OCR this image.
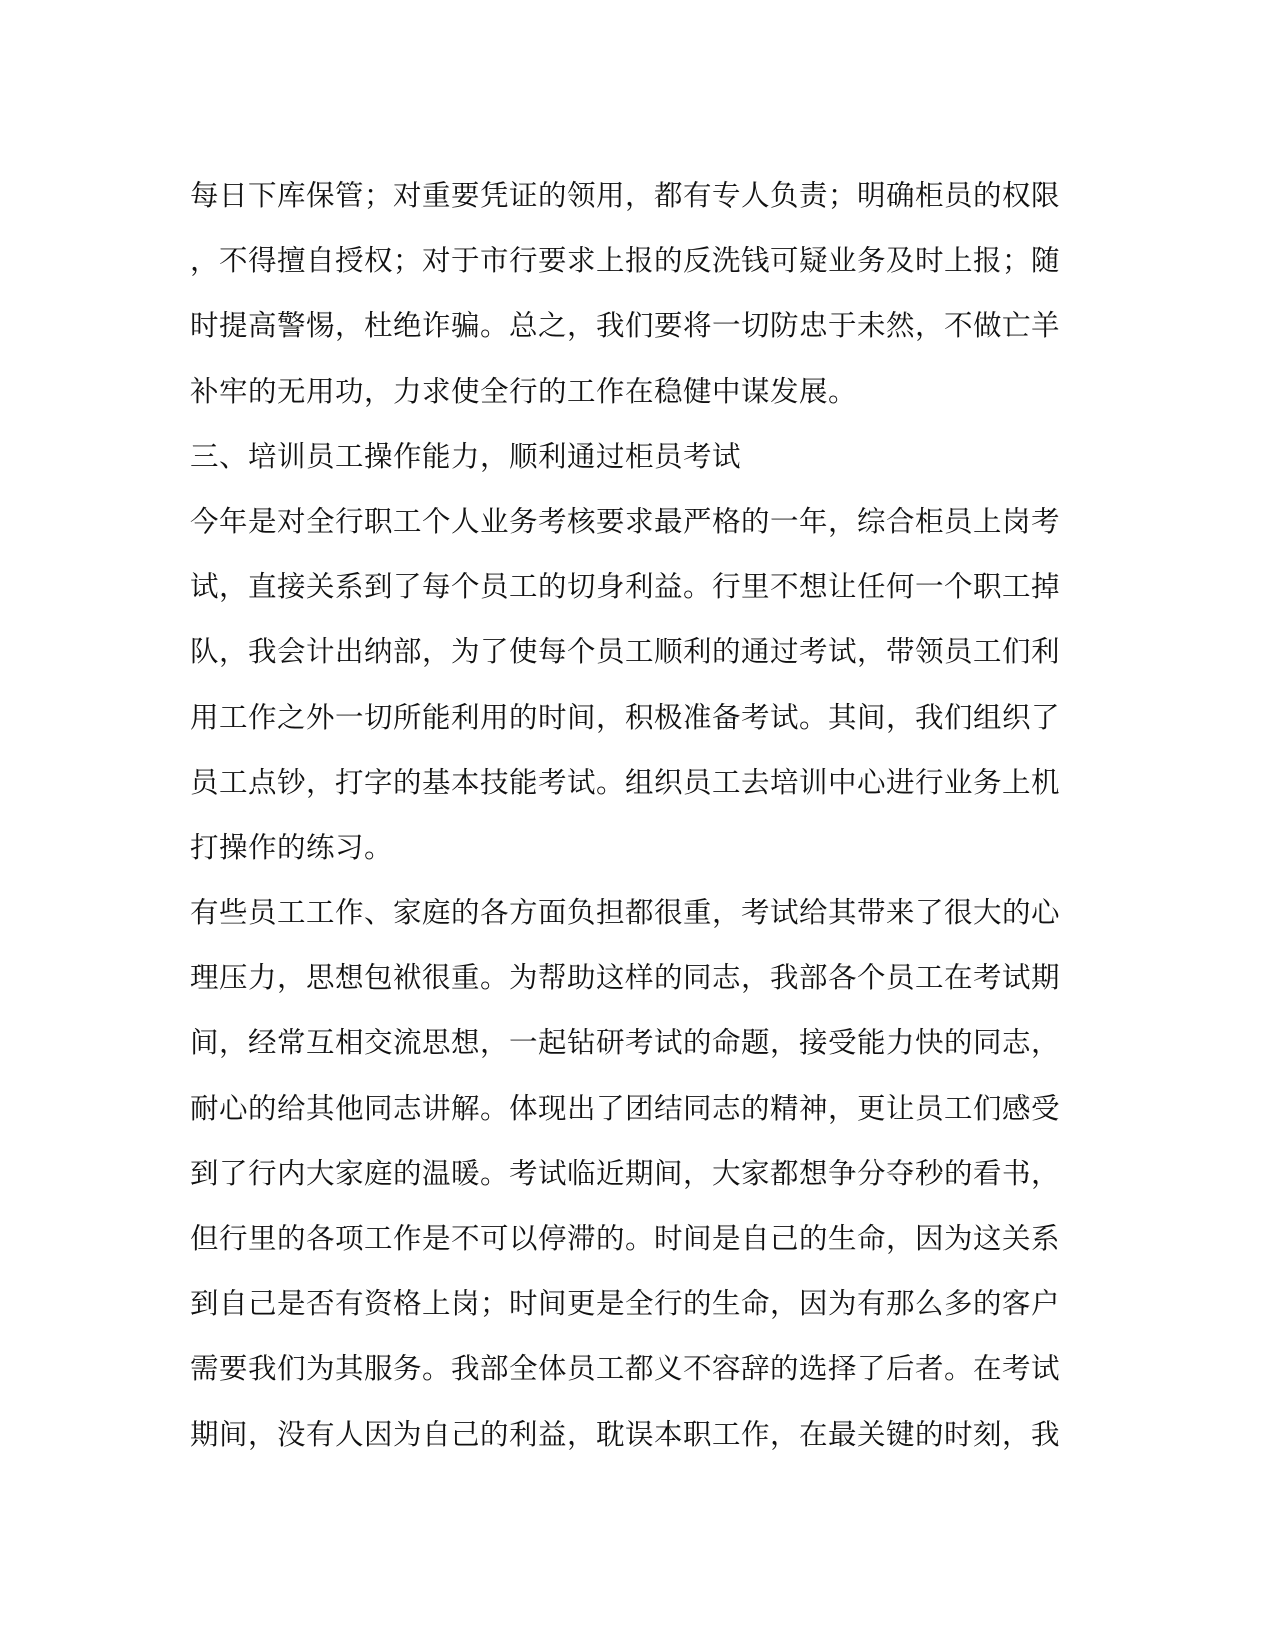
每日下库保管；对重要凭证的领用，都有专人负责；明确柜员的权限
，不得擅自授权；对于市行要求上报的反洗钱可疑业务及时上报；随
时提高警惕，杜绝诈骗。总之，我们要将一切防忠于未然，不做亡羊
补牢的无用功，力求使全行的工作在稳健中谋发展。
三、培训员工操作能力，顺利通过柜员考试
今年是对全行职工个人业务考核要求最严格的一年，综合柜员上岗考
试，直接关系到了每个员工的切身利益。行里不想让任何一个职工掉
队，我会计出纳部，为了使每个员工顺利的通过考试，带领员工们利
用工作之外一切所能利用的时间，积极准备考试。其间，我们组织了
员工点钞，打字的基本技能考试。组织员工去培训中心进行业务上机
打操作的练习。
有些员工工作、家庭的各方面负担都很重，考试给其带来了很大的心
理压力，思想包袱很重。为帮助这样的同志，我部各个员工在考试期
间，经常互相交流思想，一起钻研考试的命题，接受能力快的同志，
耐心的给其他同志讲解。体现出了团结同志的精神，更让员工们感受
到了行内大家庭的温暖。考试临近期间，大家都想争分夺秒的看书，
但行里的各项工作是不可以停滞的。时间是自己的生命，因为这关系
到自己是否有资格上岗；时间更是全行的生命，因为有那么多的客户
需要我们为其服务。我部全体员工都义不容辞的选择了后者。在考试
期间，没有人因为自己的利益，耽误本职工作，在最关键的时刻，我
